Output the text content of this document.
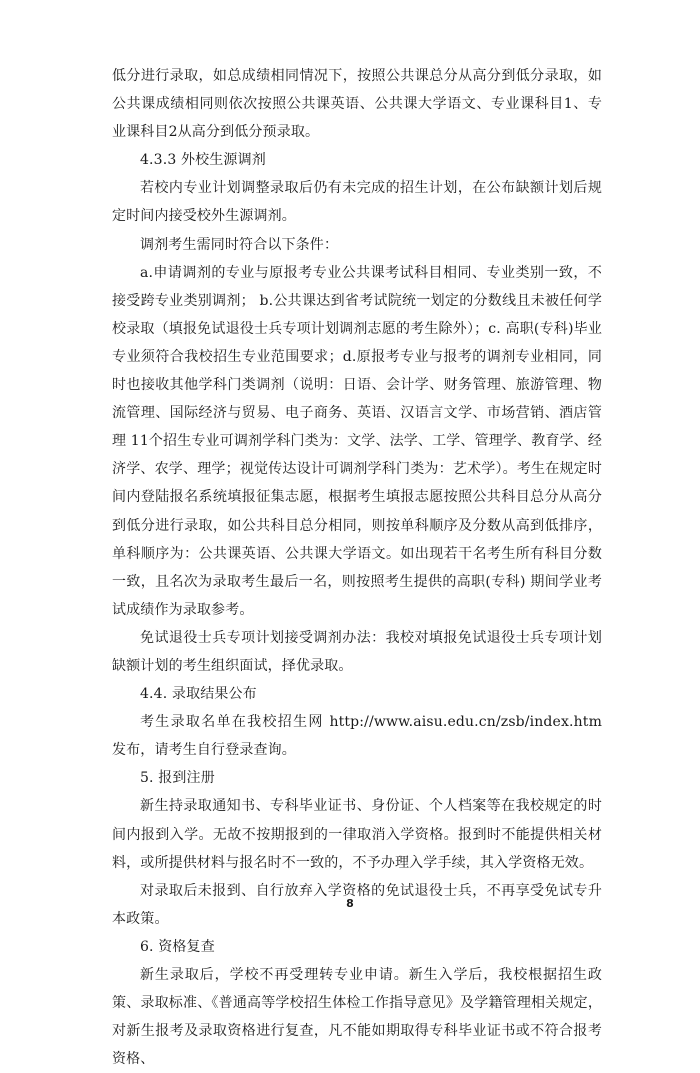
低分进行录取，如总成绩相同情况下，按照公共课总分从高分到低分录取，如公共课成绩相同则依次按照公共课英语、公共课大学语文、专业课科目1、专业课科目2从高分到低分预录取。

4.3.3 外校生源调剂

若校内专业计划调整录取后仍有未完成的招生计划，在公布缺额计划后规定时间内接受校外生源调剂。

调剂考生需同时符合以下条件：

a.申请调剂的专业与原报考专业公共课考试科目相同、专业类别一致，不接受跨专业类别调剂； b.公共课达到省考试院统一划定的分数线且未被任何学校录取（填报免试退役士兵专项计划调剂志愿的考生除外）；c. 高职(专科)毕业专业须符合我校招生专业范围要求；d.原报考专业与报考的调剂专业相同，同时也接收其他学科门类调剂（说明：日语、会计学、财务管理、旅游管理、物流管理、国际经济与贸易、电子商务、英语、汉语言文学、市场营销、酒店管理 11个招生专业可调剂学科门类为：文学、法学、工学、管理学、教育学、经济学、农学、理学；视觉传达设计可调剂学科门类为：艺术学）。考生在规定时间内登陆报名系统填报征集志愿，根据考生填报志愿按照公共科目总分从高分到低分进行录取，如公共科目总分相同，则按单科顺序及分数从高到低排序，单科顺序为：公共课英语、公共课大学语文。如出现若干名考生所有科目分数一致，且名次为录取考生最后一名，则按照考生提供的高职(专科) 期间学业考试成绩作为录取参考。

免试退役士兵专项计划接受调剂办法：我校对填报免试退役士兵专项计划缺额计划的考生组织面试，择优录取。

4.4. 录取结果公布

考生录取名单在我校招生网 http://www.aisu.edu.cn/zsb/index.htm 发布，请考生自行登录查询。

5. 报到注册

新生持录取通知书、专科毕业证书、身份证、个人档案等在我校规定的时间内报到入学。无故不按期报到的一律取消入学资格。报到时不能提供相关材料，或所提供材料与报名时不一致的，不予办理入学手续，其入学资格无效。

对录取后未报到、自行放弃入学资格的免试退役士兵，不再享受免试专升本政策。

6. 资格复查

新生录取后，学校不再受理转专业申请。新生入学后，我校根据招生政策、录取标准、《普通高等学校招生体检工作指导意见》及学籍管理相关规定，对新生报考及录取资格进行复查，凡不能如期取得专科毕业证书或不符合报考资格、

8
